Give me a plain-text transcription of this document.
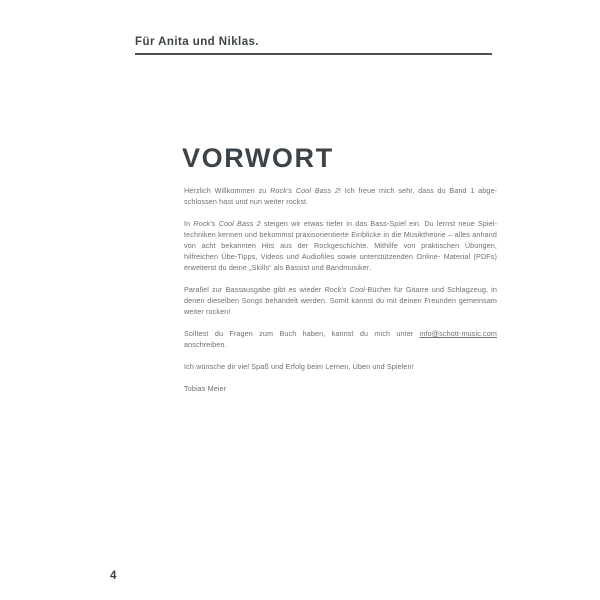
Für Anita und Niklas.
VORWORT

Herzlich Willkommen zu Rock's Cool Bass 2! Ich freue mich sehr, dass du Band 1 abgeschlossen hast und nun weiter rockst.

In Rock's Cool Bass 2 steigen wir etwas tiefer in das Bass-Spiel ein. Du lernst neue Spieltechniken kennen und bekommst praxisorientierte Einblicke in die Musiktheorie – alles anhand von acht bekannten Hits aus der Rockgeschichte. Mithilfe von praktischen Übungen, hilfreichen Übe-Tipps, Videos und Audiofiles sowie unterstützenden Online- Material (PDFs) erweiterst du deine „Skills“ als Bassist und Bandmusiker.

Parallel zur Bassausgabe gibt es wieder Rock's Cool-Bücher für Gitarre und Schlagzeug, in denen dieselben Songs behandelt werden. Somit kannst du mit deinen Freunden gemeinsam weiter rocken!

Solltest du Fragen zum Buch haben, kannst du mich unter info@schott-music.com anschreiben.

Ich wünsche dir viel Spaß und Erfolg beim Lernen, Üben und Spielen!

Tobias Meier

4
